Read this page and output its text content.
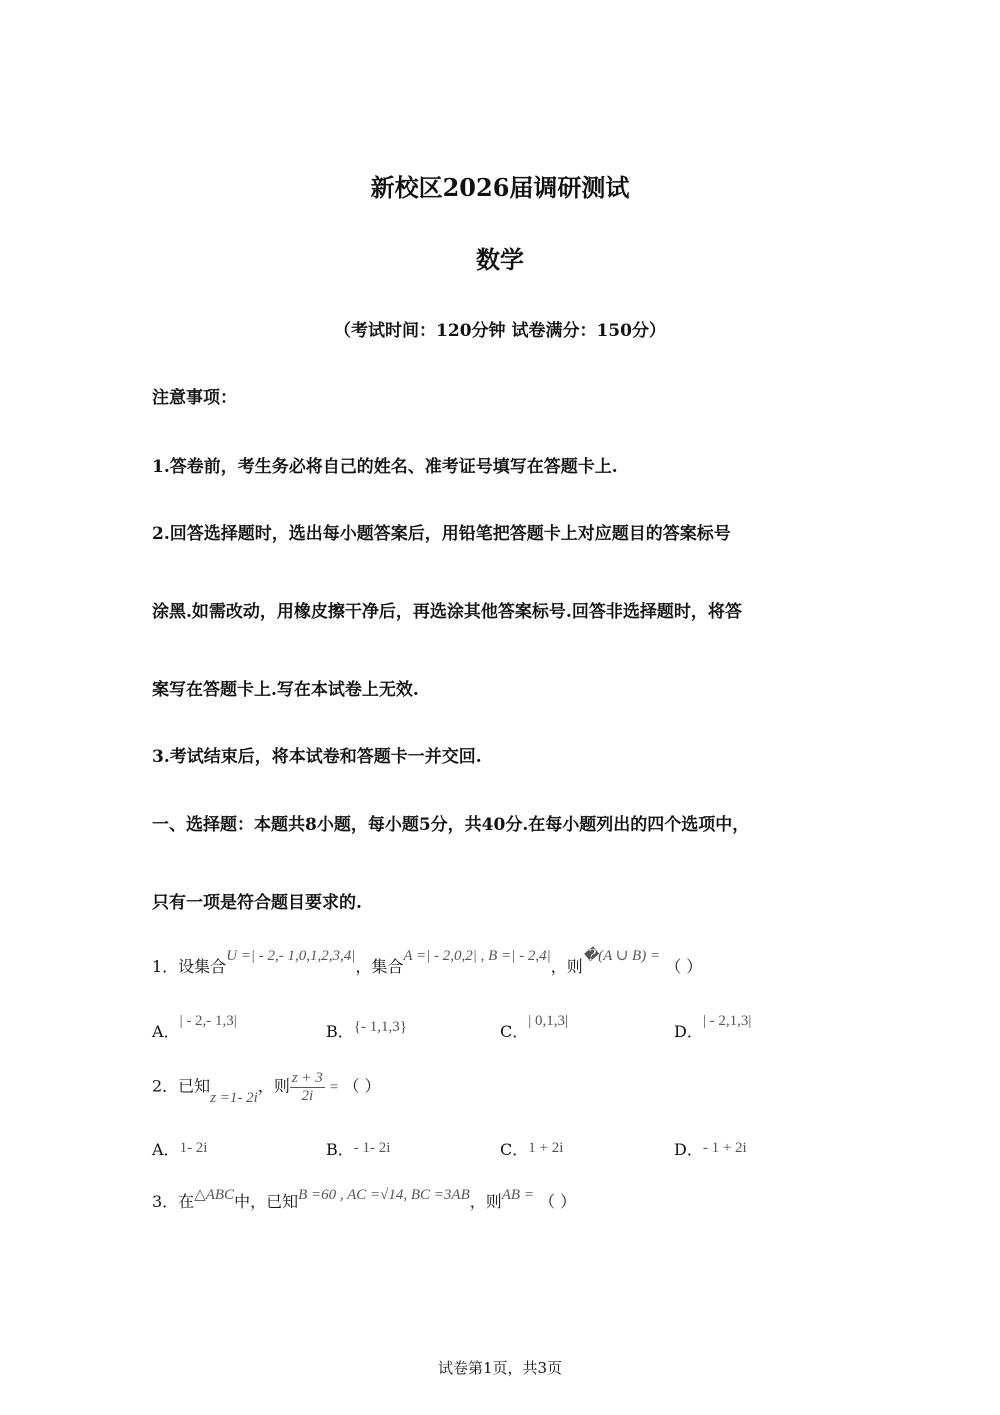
新校区2026届调研测试
数学
（考试时间：120分钟 试卷满分：150分）
注意事项：
1.答卷前，考生务必将自己的姓名、准考证号填写在答题卡上.
2.回答选择题时，选出每小题答案后，用铅笔把答题卡上对应题目的答案标号
涂黑.如需改动，用橡皮擦干净后，再选涂其他答案标号.回答非选择题时，将答
案写在答题卡上.写在本试卷上无效.
3.考试结束后，将本试卷和答题卡一并交回.
一、选择题：本题共8小题，每小题5分，共40分.在每小题列出的四个选项中，
只有一项是符合题目要求的.
1．设集合U =| - 2,- 1,0,1,2,3,4|，集合A =| - 2,0,2| , B =| - 2,4|，则�(A ∪ B) = （ ）
A．| - 2,- 1,3|
B．{- 1,1,3}	C．| 0,1,3|
D．| - 2,1,3|
2．已知z =1- 2i，则 $\frac{z + 3}{2i}$ = （ ）
A．1- 2i	B．- 1- 2i	C．1 + 2i	D．- 1 + 2i
3．在△ABC中，已知B =60 , AC =√14, BC =3AB，则AB = （ ）
试卷第1页，共3页
